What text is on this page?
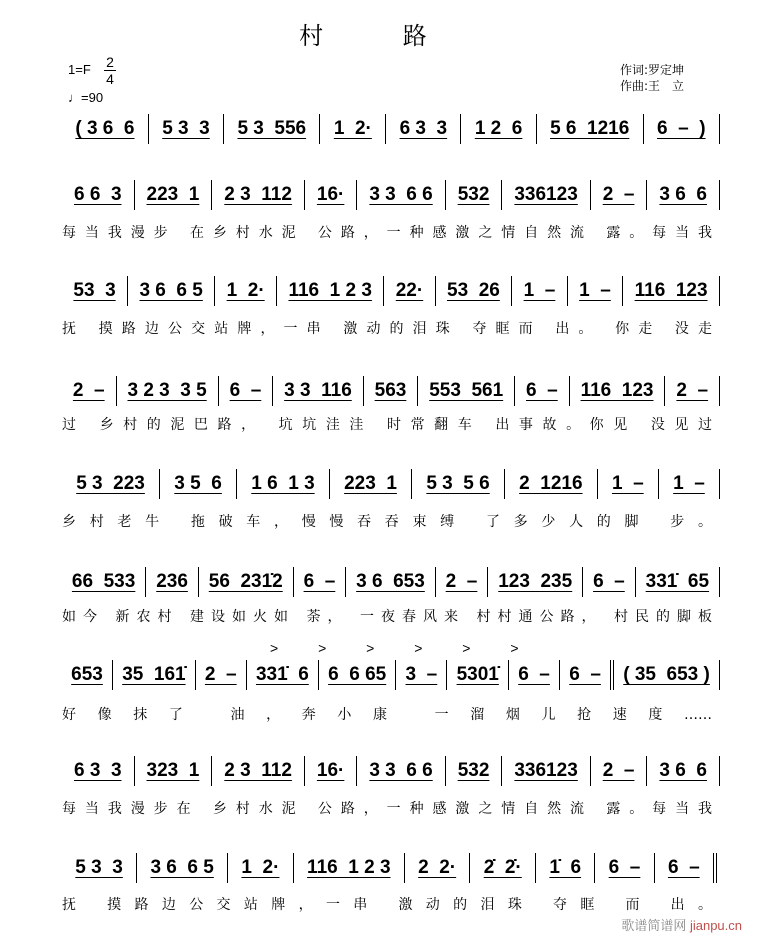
村 路
1=F 2
4
♩=90
作词:罗定坤
作曲:王　立
> > > > > >
( 3 6  6	5 3  3	5 3  556	1  2·	6 3  3	1 2  6	5 6  1216	6  –  )
6 6  3	223  1	2 3  112	16·	3 3  6 6	532	336123	2  –	3 6  6
每当我漫步 在乡村水泥 公路，一种感激之情自然流 露。每当我
53  3	3 6  6 5	1  2·	116  1 2 3	22·	53  26	1  –	1  –	116  123
抚 摸路边公交站牌，一串 激动的泪珠 夺眶而 出。 你走 没走
2  –	3 2 3  3 5	6  –	3 3  116	563	553  561	6  –	116  123	2  –
过 乡村的泥巴路， 坑坑洼洼 时常翻车 出事故。你见 没见过
5 3  223	3 5  6	1 6  1 3	223  1	5 3  5 6	2  1216	1  –	1  –
乡村老牛 拖破车，慢慢吞吞束缚 了多少人的脚 步。
66  533	236	56  231̇2	6  –	3 6  653	2  –	123  235	6  –	331̇  65
如今 新农村 建设如火如 荼， 一夜春风来 村村通公路， 村民的脚板
653	35  161̇	2  –	331̇  6	6  6 65	3  –	5301̇	6  –	6  –	( 35  653 )
好像抹了 油，奔小康 一溜烟儿抢速度……
6 3  3	323  1	2 3  112	16·	3 3  6 6	532	336123	2  –	3 6  6
每当我漫步在 乡村水泥 公路，一种感激之情自然流 露。每当我
5 3  3	3 6  6 5	1  2·	116  1 2 3	2  2·	2̇  2̇·	1̇  6	6  –	6  –
抚 摸路边公交站牌，一串 激动的泪珠 夺眶 而 出。
歌谱简谱网 jianpu.cn
